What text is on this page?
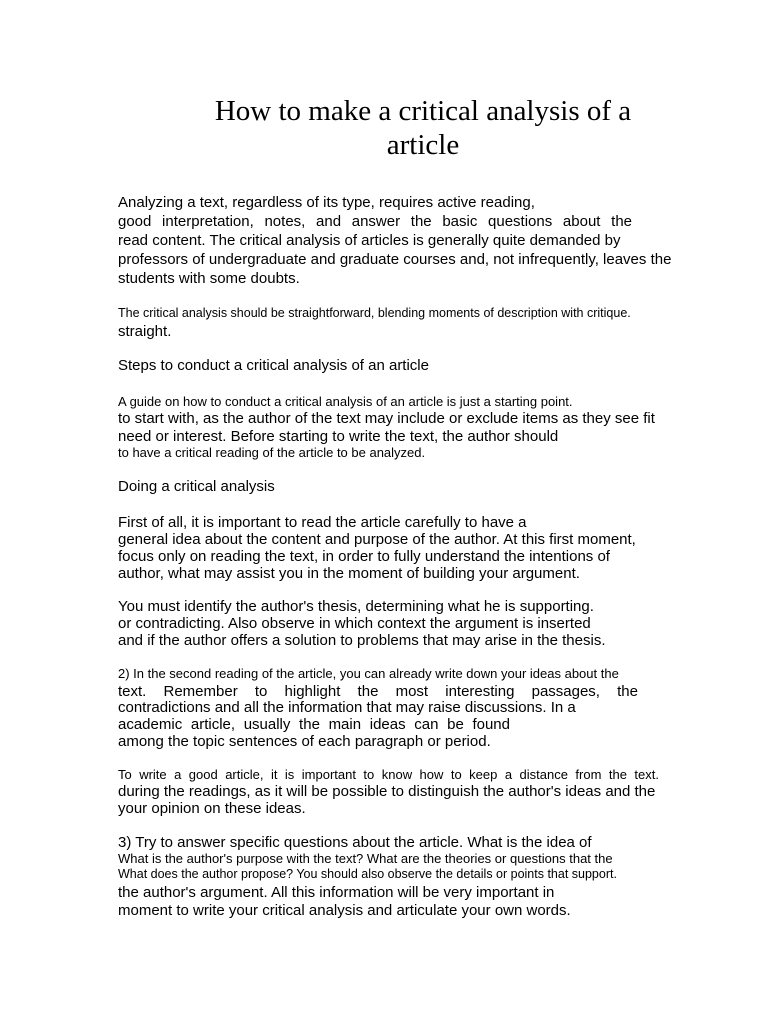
How to make a critical analysis of a
article

Analyzing a text, regardless of its type, requires active reading,

good interpretation, notes, and answer the basic questions about the

read content. The critical analysis of articles is generally quite demanded by

professors of undergraduate and graduate courses and, not infrequently, leaves the

students with some doubts.

The critical analysis should be straightforward, blending moments of description with critique.

straight.

Steps to conduct a critical analysis of an article

A guide on how to conduct a critical analysis of an article is just a starting point.

to start with, as the author of the text may include or exclude items as they see fit

need or interest. Before starting to write the text, the author should

to have a critical reading of the article to be analyzed.

Doing a critical analysis

First of all, it is important to read the article carefully to have a

general idea about the content and purpose of the author. At this first moment,

focus only on reading the text, in order to fully understand the intentions of

author, what may assist you in the moment of building your argument.

You must identify the author's thesis, determining what he is supporting.

or contradicting. Also observe in which context the argument is inserted

and if the author offers a solution to problems that may arise in the thesis.

2) In the second reading of the article, you can already write down your ideas about the

text. Remember to highlight the most interesting passages, the

contradictions and all the information that may raise discussions. In a

academic article, usually the main ideas can be found

among the topic sentences of each paragraph or period.

To write a good article, it is important to know how to keep a distance from the text.

during the readings, as it will be possible to distinguish the author's ideas and the

your opinion on these ideas.

3) Try to answer specific questions about the article. What is the idea of

What is the author's purpose with the text? What are the theories or questions that the

What does the author propose? You should also observe the details or points that support.

the author's argument. All this information will be very important in

moment to write your critical analysis and articulate your own words.
